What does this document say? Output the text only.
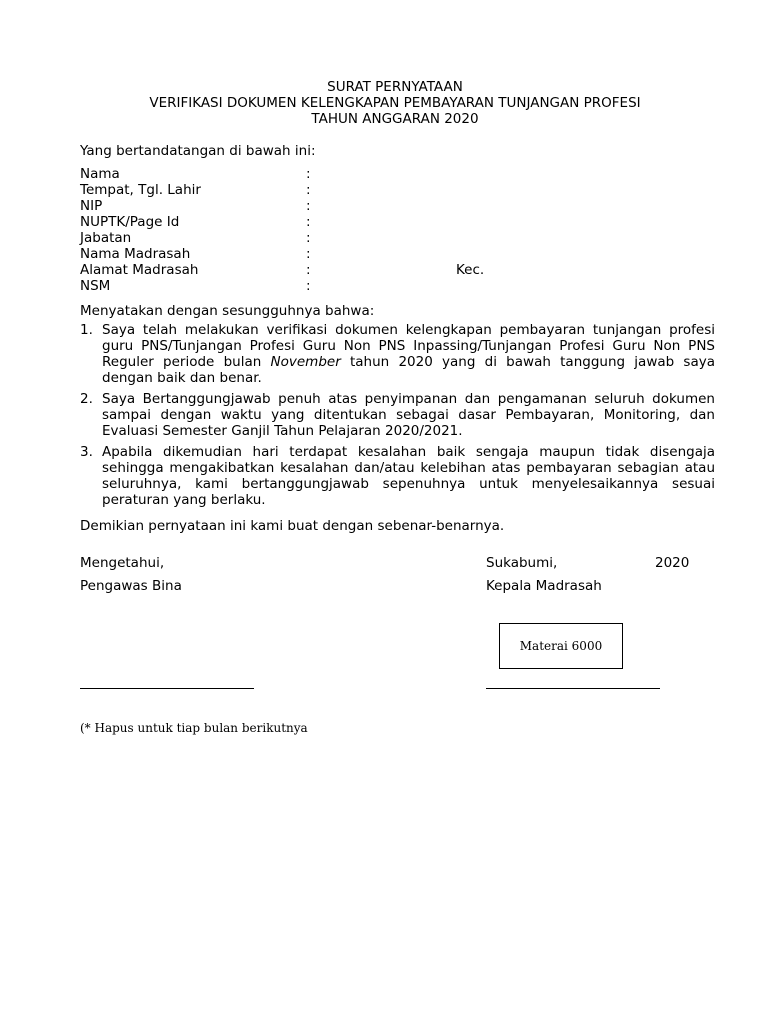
SURAT PERNYATAAN
VERIFIKASI DOKUMEN KELENGKAPAN PEMBAYARAN TUNJANGAN PROFESI
TAHUN ANGGARAN 2020
Yang bertandatangan di bawah ini:
Nama	:
Tempat, Tgl. Lahir	:
NIP	:
NUPTK/Page Id	:
Jabatan	:
Nama Madrasah	:
Alamat Madrasah	:	Kec.
NSM	:
Menyatakan dengan sesungguhnya bahwa:
1. Saya telah melakukan verifikasi dokumen kelengkapan pembayaran tunjangan profesi guru PNS/Tunjangan Profesi Guru Non PNS Inpassing/Tunjangan Profesi Guru Non PNS Reguler periode bulan November tahun 2020 yang di bawah tanggung jawab saya dengan baik dan benar.
2. Saya Bertanggungjawab penuh atas penyimpanan dan pengamanan seluruh dokumen sampai dengan waktu yang ditentukan sebagai dasar Pembayaran, Monitoring, dan Evaluasi Semester Ganjil Tahun Pelajaran 2020/2021.
3. Apabila dikemudian hari terdapat kesalahan baik sengaja maupun tidak disengaja sehingga mengakibatkan kesalahan dan/atau kelebihan atas pembayaran sebagian atau seluruhnya, kami bertanggungjawab sepenuhnya untuk menyelesaikannya sesuai peraturan yang berlaku.
Demikian pernyataan ini kami buat dengan sebenar-benarnya.
Mengetahui,
Pengawas Bina
Sukabumi,	2020
Kepala Madrasah
Materai 6000
(* Hapus untuk tiap bulan berikutnya
